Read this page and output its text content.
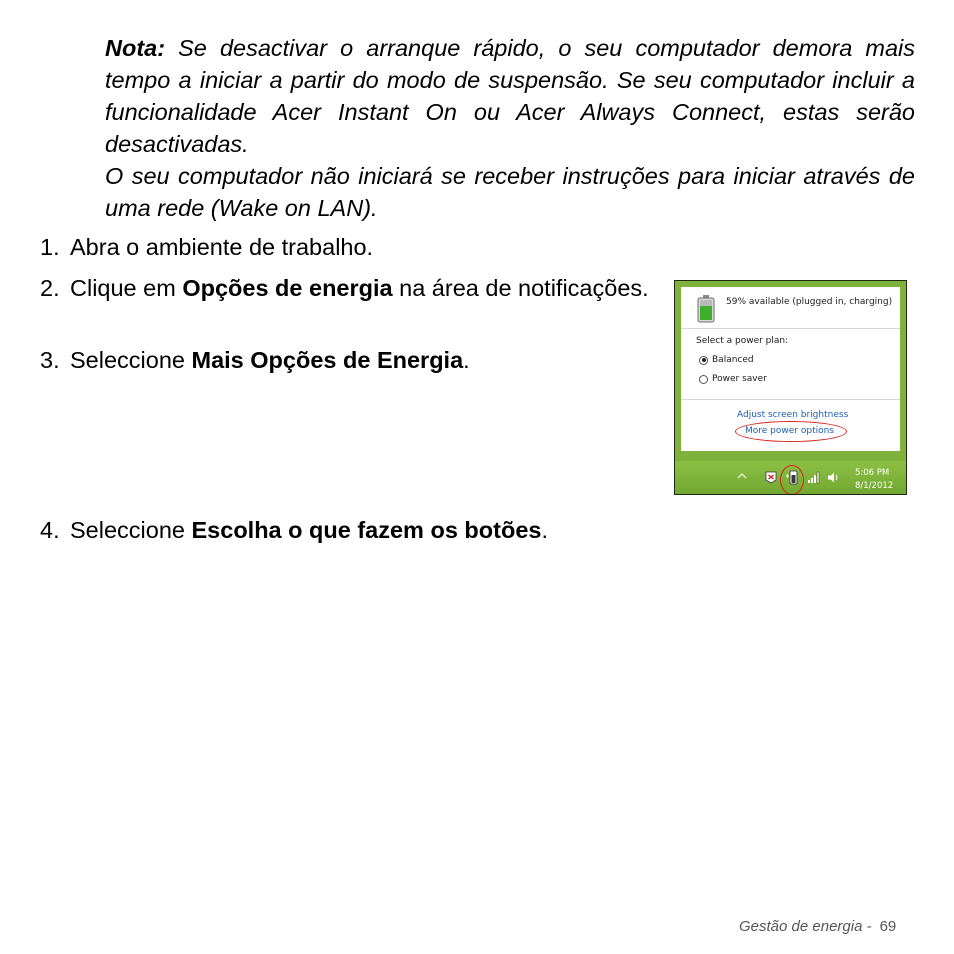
Nota: Se desactivar o arranque rápido, o seu computador demora mais tempo a iniciar a partir do modo de suspensão. Se seu computador incluir a funcionalidade Acer Instant On ou Acer Always Connect, estas serão desactivadas.

O seu computador não iniciará se receber instruções para iniciar através de uma rede (Wake on LAN).

1. Abra o ambiente de trabalho.
2. Clique em Opções de energia na área de notificações.
3. Seleccione Mais Opções de Energia.
4. Seleccione Escolha o que fazem os botões.
59% available (plugged in, charging)
Select a power plan:
Balanced
Power saver
Adjust screen brightness
More power options
5:06 PM
8/1/2012
Gestão de energia - 69
